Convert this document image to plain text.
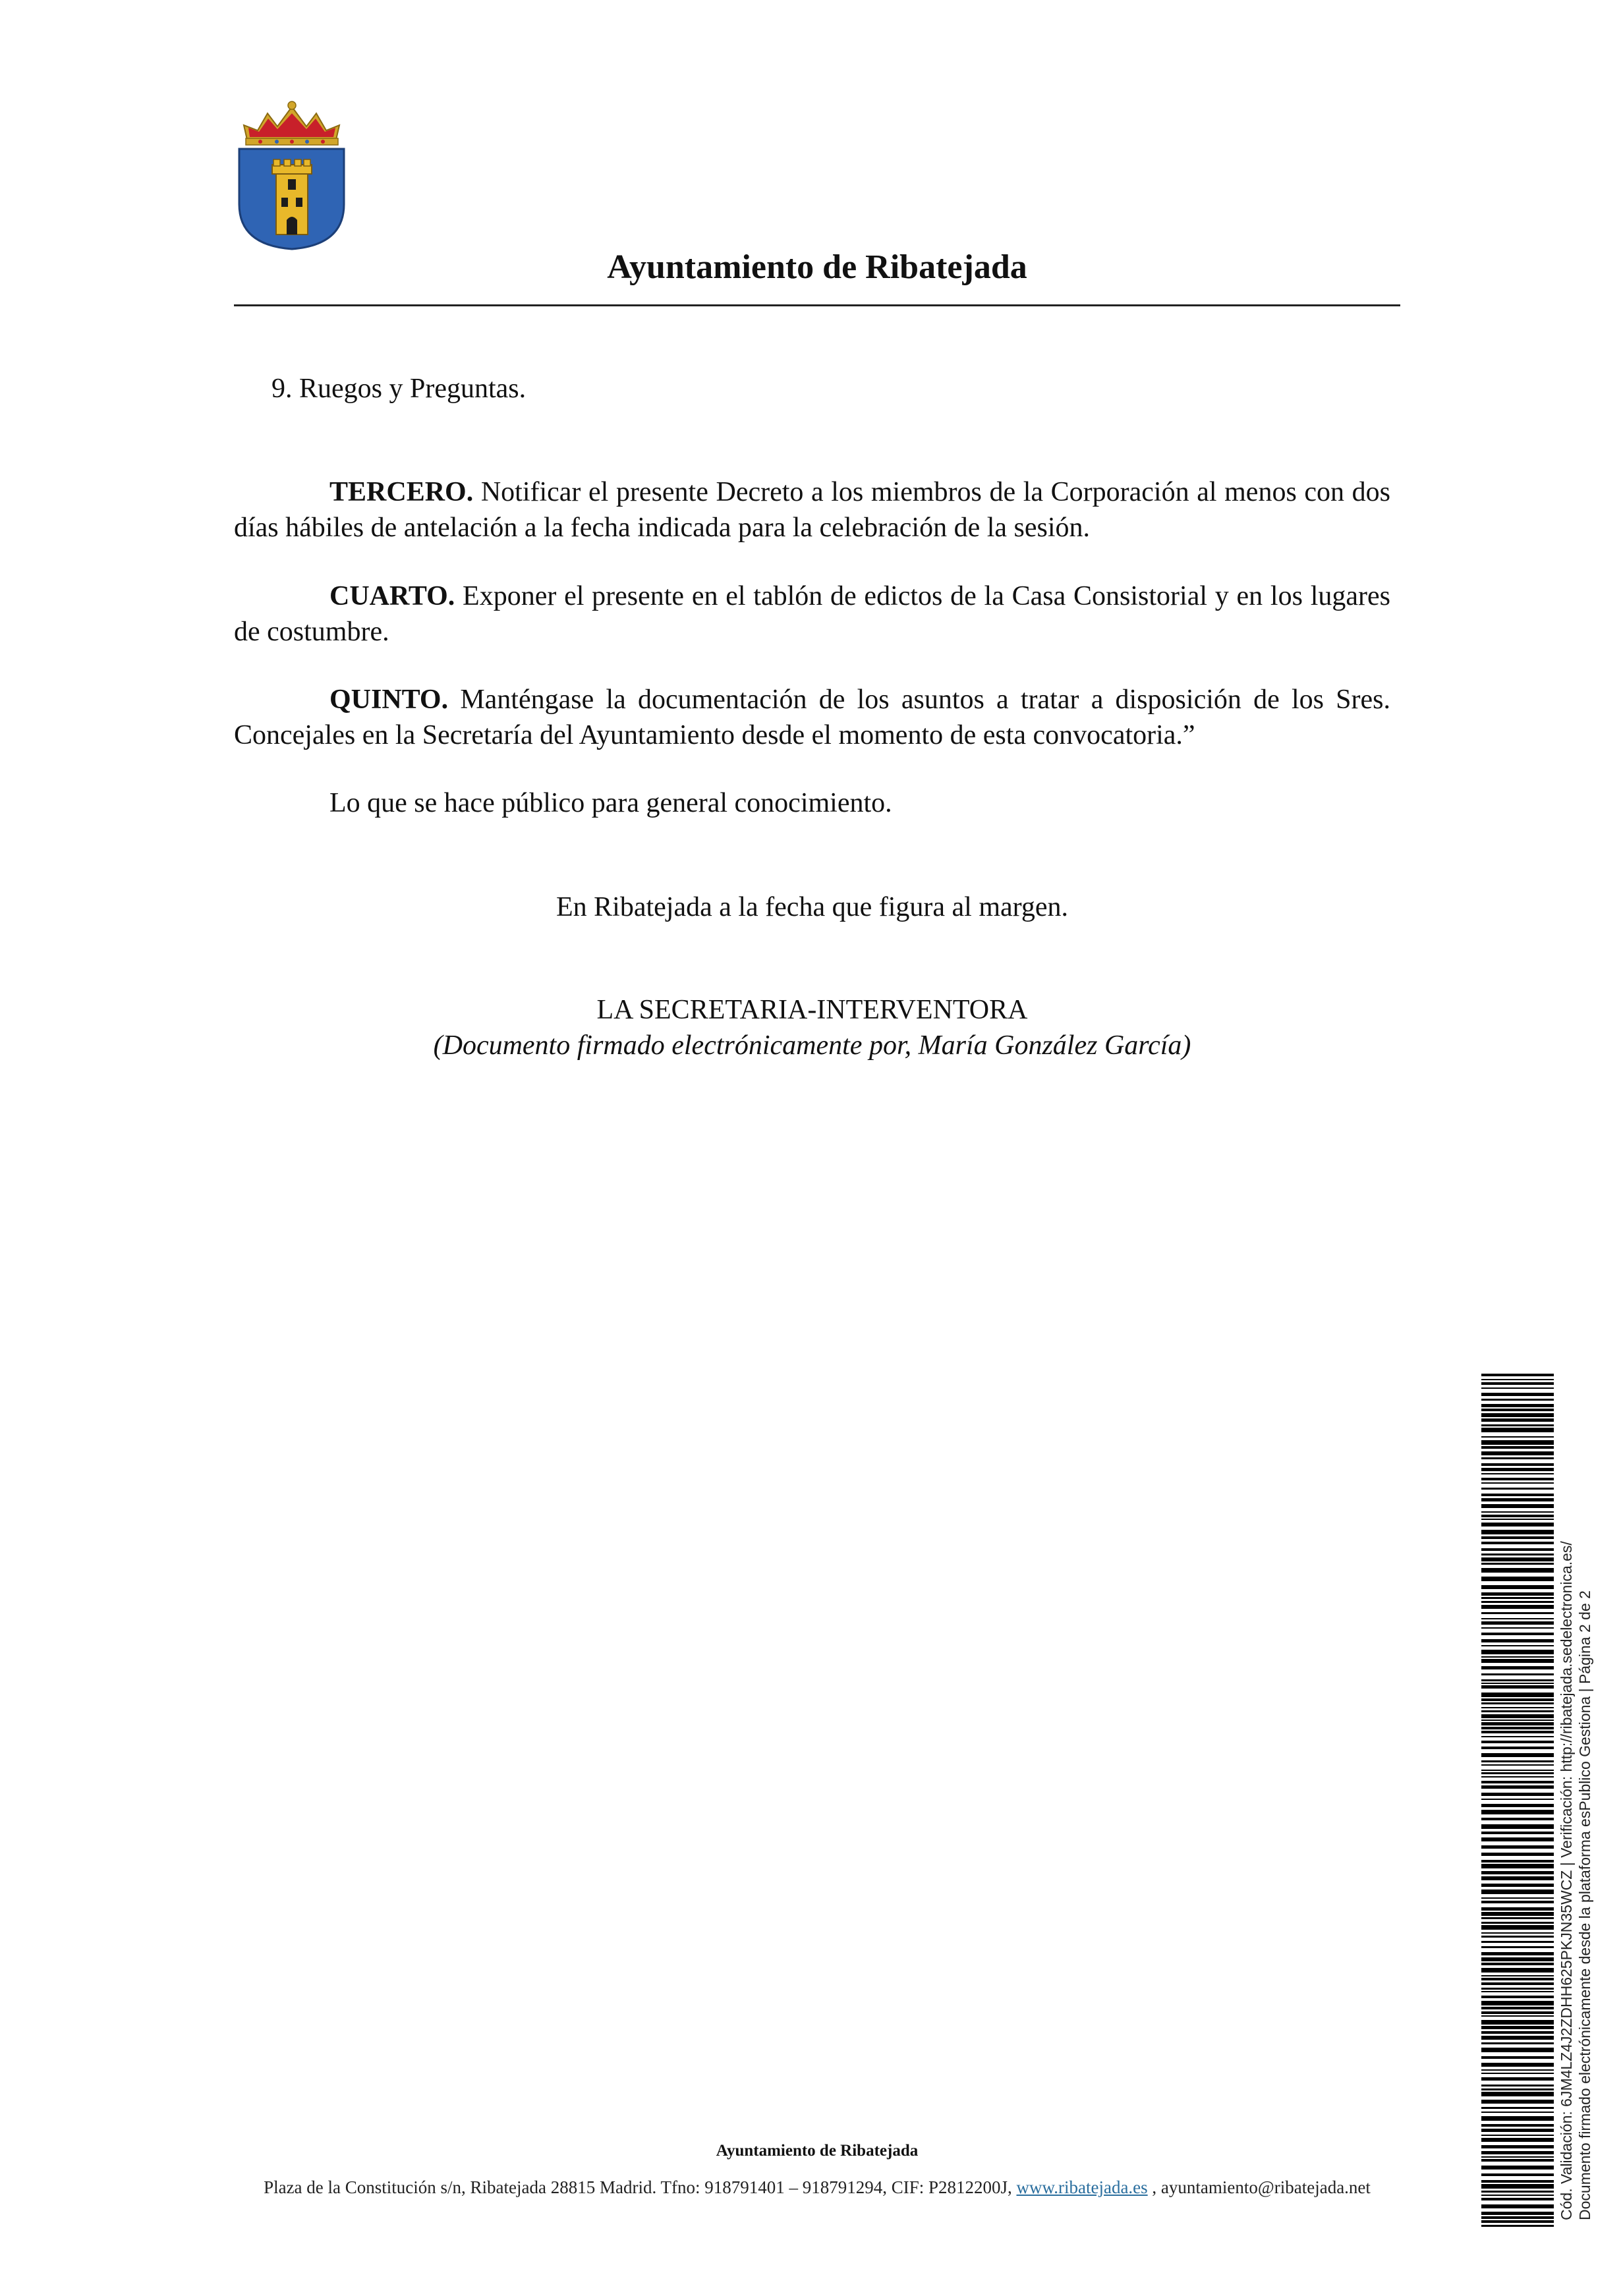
Ayuntamiento de Ribatejada
9. Ruegos y Preguntas.

TERCERO. Notificar el presente Decreto a los miembros de la Corporación al menos con dos días hábiles de antelación a la fecha indicada para la celebración de la sesión.

CUARTO. Exponer el presente en el tablón de edictos de la Casa Consistorial y en los lugares de costumbre.

QUINTO. Manténgase la documentación de los asuntos a tratar a disposición de los Sres. Concejales en la Secretaría del Ayuntamiento desde el momento de esta convocatoria.”

Lo que se hace público para general conocimiento.

En Ribatejada a la fecha que figura al margen.

LA SECRETARIA-INTERVENTORA

(Documento firmado electrónicamente por, María González García)

Ayuntamiento de Ribatejada
Plaza de la Constitución s/n, Ribatejada 28815 Madrid. Tfno: 918791401 – 918791294, CIF: P2812200J, www.ribatejada.es , ayuntamiento@ribatejada.net	Cód. Validación: 6JM4LZ4J2ZDHH625PKJN35WCZ | Verificación: http://ribatejada.sedelectronica.es/ Documento firmado electrónicamente desde la plataforma esPublico Gestiona | Página 2 de 2
